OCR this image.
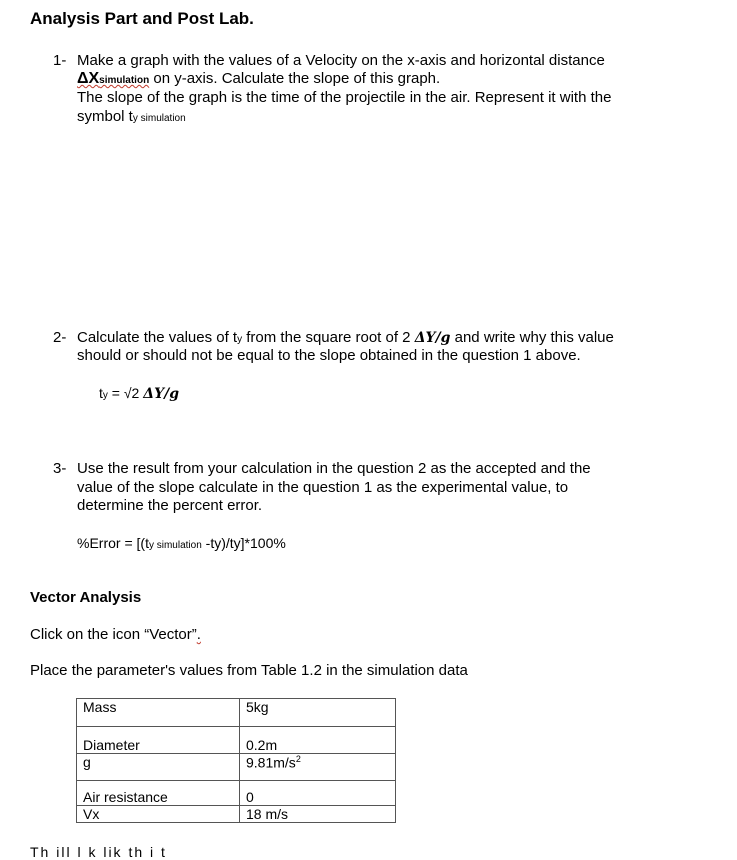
Analysis Part and Post Lab.
1- Make a graph with the values of a Velocity on the x-axis and horizontal distance
ΔXsimulation on y-axis. Calculate the slope of this graph.
The slope of the graph is the time of the projectile in the air. Represent it with the
symbol ty simulation
2- Calculate the values of ty from the square root of 2 ΔY/g and write why this value
should or should not be equal to the slope obtained in the question 1 above.
ty = √2 ΔY/g
3- Use the result from your calculation in the question 2 as the accepted and the
value of the slope calculate in the question 1 as the experimental value, to
determine the percent error.
%Error = [(ty simulation -ty)/ty]*100%
Vector Analysis
Click on the icon “Vector”.
Place the parameter's values from Table 1.2 in the simulation data
Mass	5kg
Diameter	0.2m
g	$9.81m/s^2$
Air resistance	0
Vx	18 m/s
Th ill l k lik th i t
